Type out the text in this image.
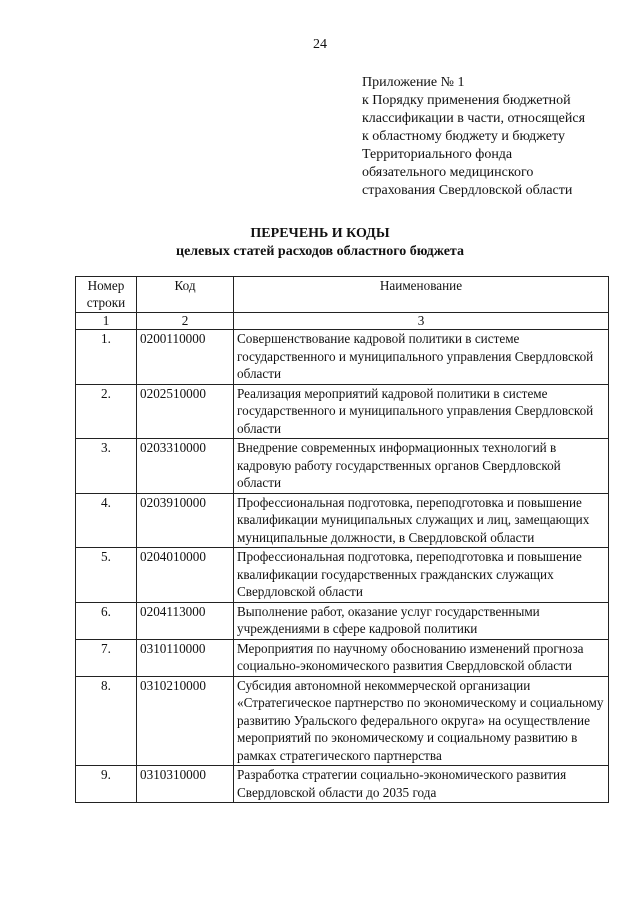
24
Приложение № 1
к Порядку применения бюджетной
классификации в части, относящейся
к областному бюджету и бюджету
Территориального фонда
обязательного медицинского
страхования Свердловской области
ПЕРЕЧЕНЬ И КОДЫ
целевых статей расходов областного бюджета
Номер строки	Код	Наименование
1	2	3
1.	0200110000	Совершенствование кадровой политики в системе государственного и муниципального управления Свердловской области
2.	0202510000	Реализация мероприятий кадровой политики в системе государственного и муниципального управления Свердловской области
3.	0203310000	Внедрение современных информационных технологий в кадровую работу государственных органов Свердловской области
4.	0203910000	Профессиональная подготовка, переподготовка и повышение квалификации муниципальных служащих и лиц, замещающих муниципальные должности, в Свердловской области
5.	0204010000	Профессиональная подготовка, переподготовка и повышение квалификации государственных гражданских служащих Свердловской области
6.	0204113000	Выполнение работ, оказание услуг государственными учреждениями в сфере кадровой политики
7.	0310110000	Мероприятия по научному обоснованию изменений прогноза социально-экономического развития Свердловской области
8.	0310210000	Субсидия автономной некоммерческой организации «Стратегическое партнерство по экономическому и социальному развитию Уральского федерального округа» на осуществление мероприятий по экономическому и социальному развитию в рамках стратегического партнерства
9.	0310310000	Разработка стратегии социально-экономического развития Свердловской области до 2035 года
